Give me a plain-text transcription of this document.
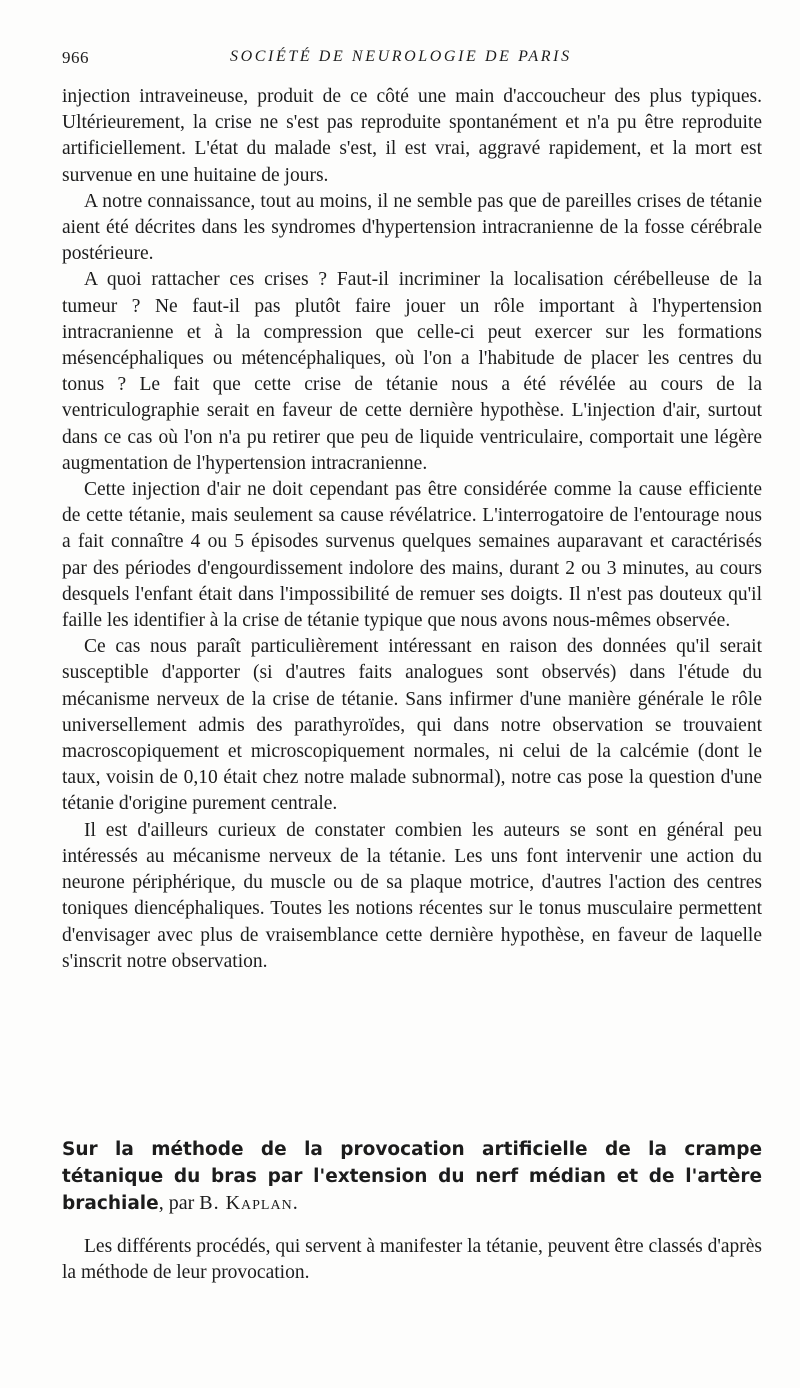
966	SOCIÉTÉ DE NEUROLOGIE DE PARIS

injection intraveineuse, produit de ce côté une main d'accoucheur des plus typiques. Ultérieurement, la crise ne s'est pas reproduite spontanément et n'a pu être reproduite artificiellement. L'état du malade s'est, il est vrai, aggravé rapidement, et la mort est survenue en une huitaine de jours.

A notre connaissance, tout au moins, il ne semble pas que de pareilles crises de tétanie aient été décrites dans les syndromes d'hypertension intracranienne de la fosse cérébrale postérieure.

A quoi rattacher ces crises ? Faut-il incriminer la localisation cérébelleuse de la tumeur ? Ne faut-il pas plutôt faire jouer un rôle important à l'hypertension intracranienne et à la compression que celle-ci peut exercer sur les formations mésencéphaliques ou métencéphaliques, où l'on a l'habitude de placer les centres du tonus ? Le fait que cette crise de tétanie nous a été révélée au cours de la ventriculographie serait en faveur de cette dernière hypothèse. L'injection d'air, surtout dans ce cas où l'on n'a pu retirer que peu de liquide ventriculaire, comportait une légère augmentation de l'hypertension intracranienne.

Cette injection d'air ne doit cependant pas être considérée comme la cause efficiente de cette tétanie, mais seulement sa cause révélatrice. L'interrogatoire de l'entourage nous a fait connaître 4 ou 5 épisodes survenus quelques semaines auparavant et caractérisés par des périodes d'engourdissement indolore des mains, durant 2 ou 3 minutes, au cours desquels l'enfant était dans l'impossibilité de remuer ses doigts. Il n'est pas douteux qu'il faille les identifier à la crise de tétanie typique que nous avons nous-mêmes observée.

Ce cas nous paraît particulièrement intéressant en raison des données qu'il serait susceptible d'apporter (si d'autres faits analogues sont observés) dans l'étude du mécanisme nerveux de la crise de tétanie. Sans infirmer d'une manière générale le rôle universellement admis des parathyroïdes, qui dans notre observation se trouvaient macroscopiquement et microscopiquement normales, ni celui de la calcémie (dont le taux, voisin de 0,10 était chez notre malade subnormal), notre cas pose la question d'une tétanie d'origine purement centrale.

Il est d'ailleurs curieux de constater combien les auteurs se sont en général peu intéressés au mécanisme nerveux de la tétanie. Les uns font intervenir une action du neurone périphérique, du muscle ou de sa plaque motrice, d'autres l'action des centres toniques diencéphaliques. Toutes les notions récentes sur le tonus musculaire permettent d'envisager avec plus de vraisemblance cette dernière hypothèse, en faveur de laquelle s'inscrit notre observation.

Sur la méthode de la provocation artificielle de la crampe tétanique du bras par l'extension du nerf médian et de l'artère brachiale, par B. Kaplan.

Les différents procédés, qui servent à manifester la tétanie, peuvent être classés d'après la méthode de leur provocation.
